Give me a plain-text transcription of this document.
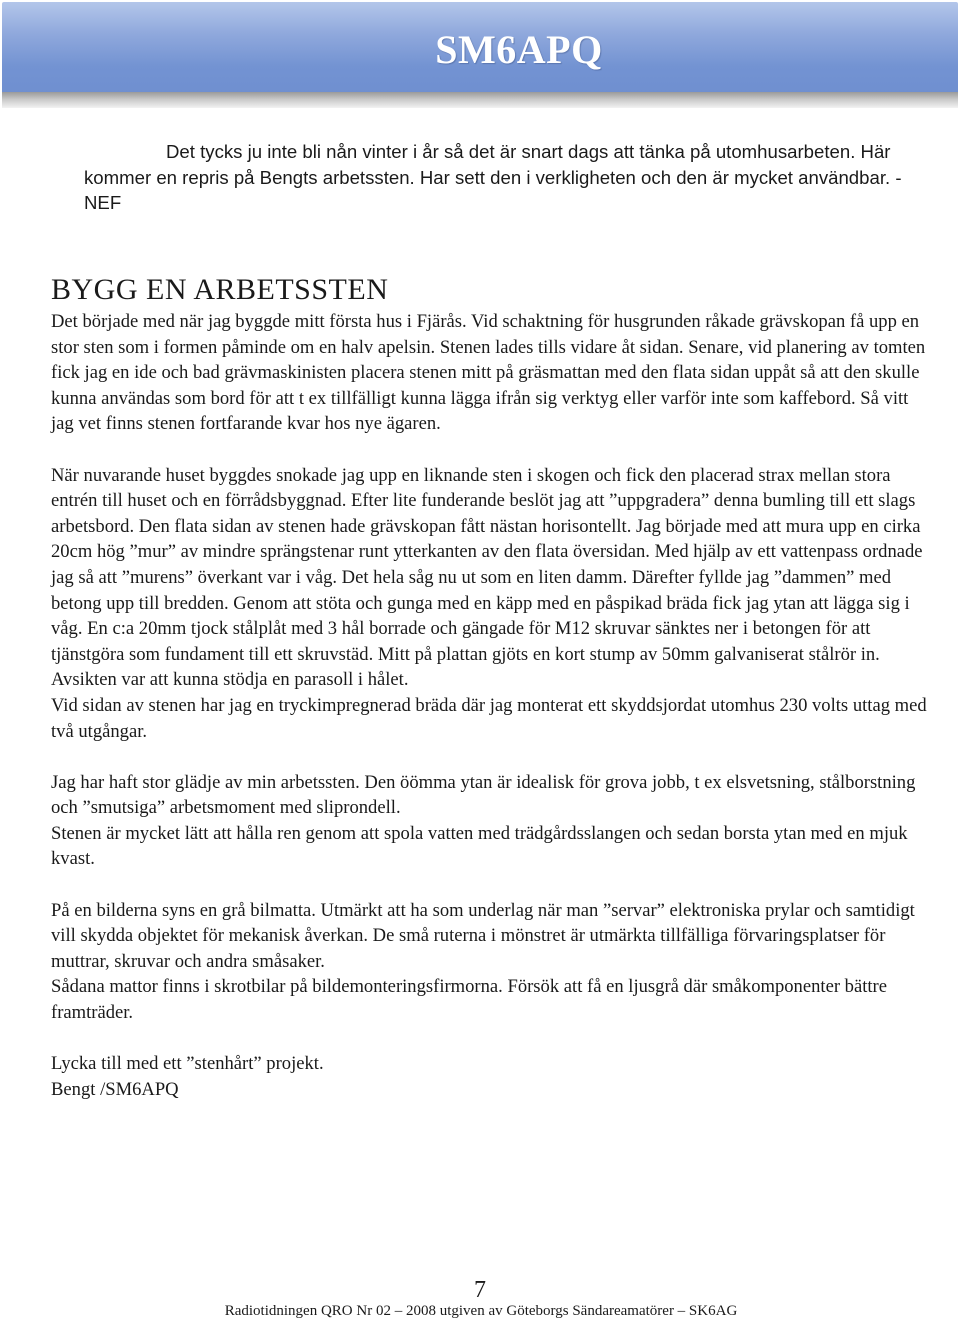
SM6APQ

Det tycks ju inte bli nån vinter i år så det är snart dags att tänka på utomhusarbeten. Här kommer en repris på Bengts arbetssten. Har sett den i verkligheten och den är mycket användbar. -NEF

BYGG EN ARBETSSTEN

Det började med när jag byggde mitt första hus i Fjärås. Vid schaktning för husgrunden råkade grävskopan få upp en stor sten som i formen påminde om en halv apelsin. Stenen lades tills vidare åt sidan. Senare, vid planering av tomten fick jag en ide och bad grävmaskinisten placera stenen mitt på gräsmattan med den flata sidan uppåt så att den skulle kunna användas som bord för att t ex tillfälligt kunna lägga ifrån sig verktyg eller varför inte som kaffebord. Så vitt jag vet finns stenen fortfarande kvar hos nye ägaren.

När nuvarande huset byggdes snokade jag upp en liknande sten i skogen och fick den placerad strax mellan stora entrén till huset och en förrådsbyggnad. Efter lite funderande beslöt jag att ”uppgradera” denna bumling till ett slags arbetsbord. Den flata sidan av stenen hade grävskopan fått nästan horisontellt. Jag började med att mura upp en cirka 20cm hög ”mur” av mindre sprängstenar runt ytterkanten av den flata översidan. Med hjälp av ett vattenpass ordnade jag så att ”murens” överkant var i våg. Det hela såg nu ut som en liten damm. Därefter fyllde jag ”dammen” med betong upp till bredden. Genom att stöta och gunga med en käpp med en påspikad bräda fick jag ytan att lägga sig i våg. En c:a 20mm tjock stålplåt med 3 hål borrade och gängade för M12 skruvar sänktes ner i betongen för att tjänstgöra som fundament till ett skruvstäd. Mitt på plattan gjöts en kort stump av 50mm galvaniserat stålrör in. Avsikten var att kunna stödja en parasoll i hålet.

Vid sidan av stenen har jag en tryckimpregnerad bräda där jag monterat ett skyddsjordat utomhus 230 volts uttag med två utgångar.

Jag har haft stor glädje av min arbetssten. Den öömma ytan är idealisk för grova jobb, t ex elsvetsning, stålborstning och ”smutsiga” arbetsmoment med sliprondell.

Stenen är mycket lätt att hålla ren genom att spola vatten med trädgårdsslangen och sedan borsta ytan med en mjuk kvast.

På en bilderna syns en grå bilmatta. Utmärkt att ha som underlag när man ”servar” elektroniska prylar och samtidigt vill skydda objektet för mekanisk åverkan. De små ruterna i mönstret är utmärkta tillfälliga förvaringsplatser för muttrar, skruvar och andra småsaker.

Sådana mattor finns i skrotbilar på bildemonteringsfirmorna. Försök att få en ljusgrå där småkomponenter bättre framträder.

Lycka till med ett ”stenhårt” projekt.

Bengt /SM6APQ

7
Radiotidningen QRO Nr 02 – 2008 utgiven av Göteborgs Sändareamatörer – SK6AG
